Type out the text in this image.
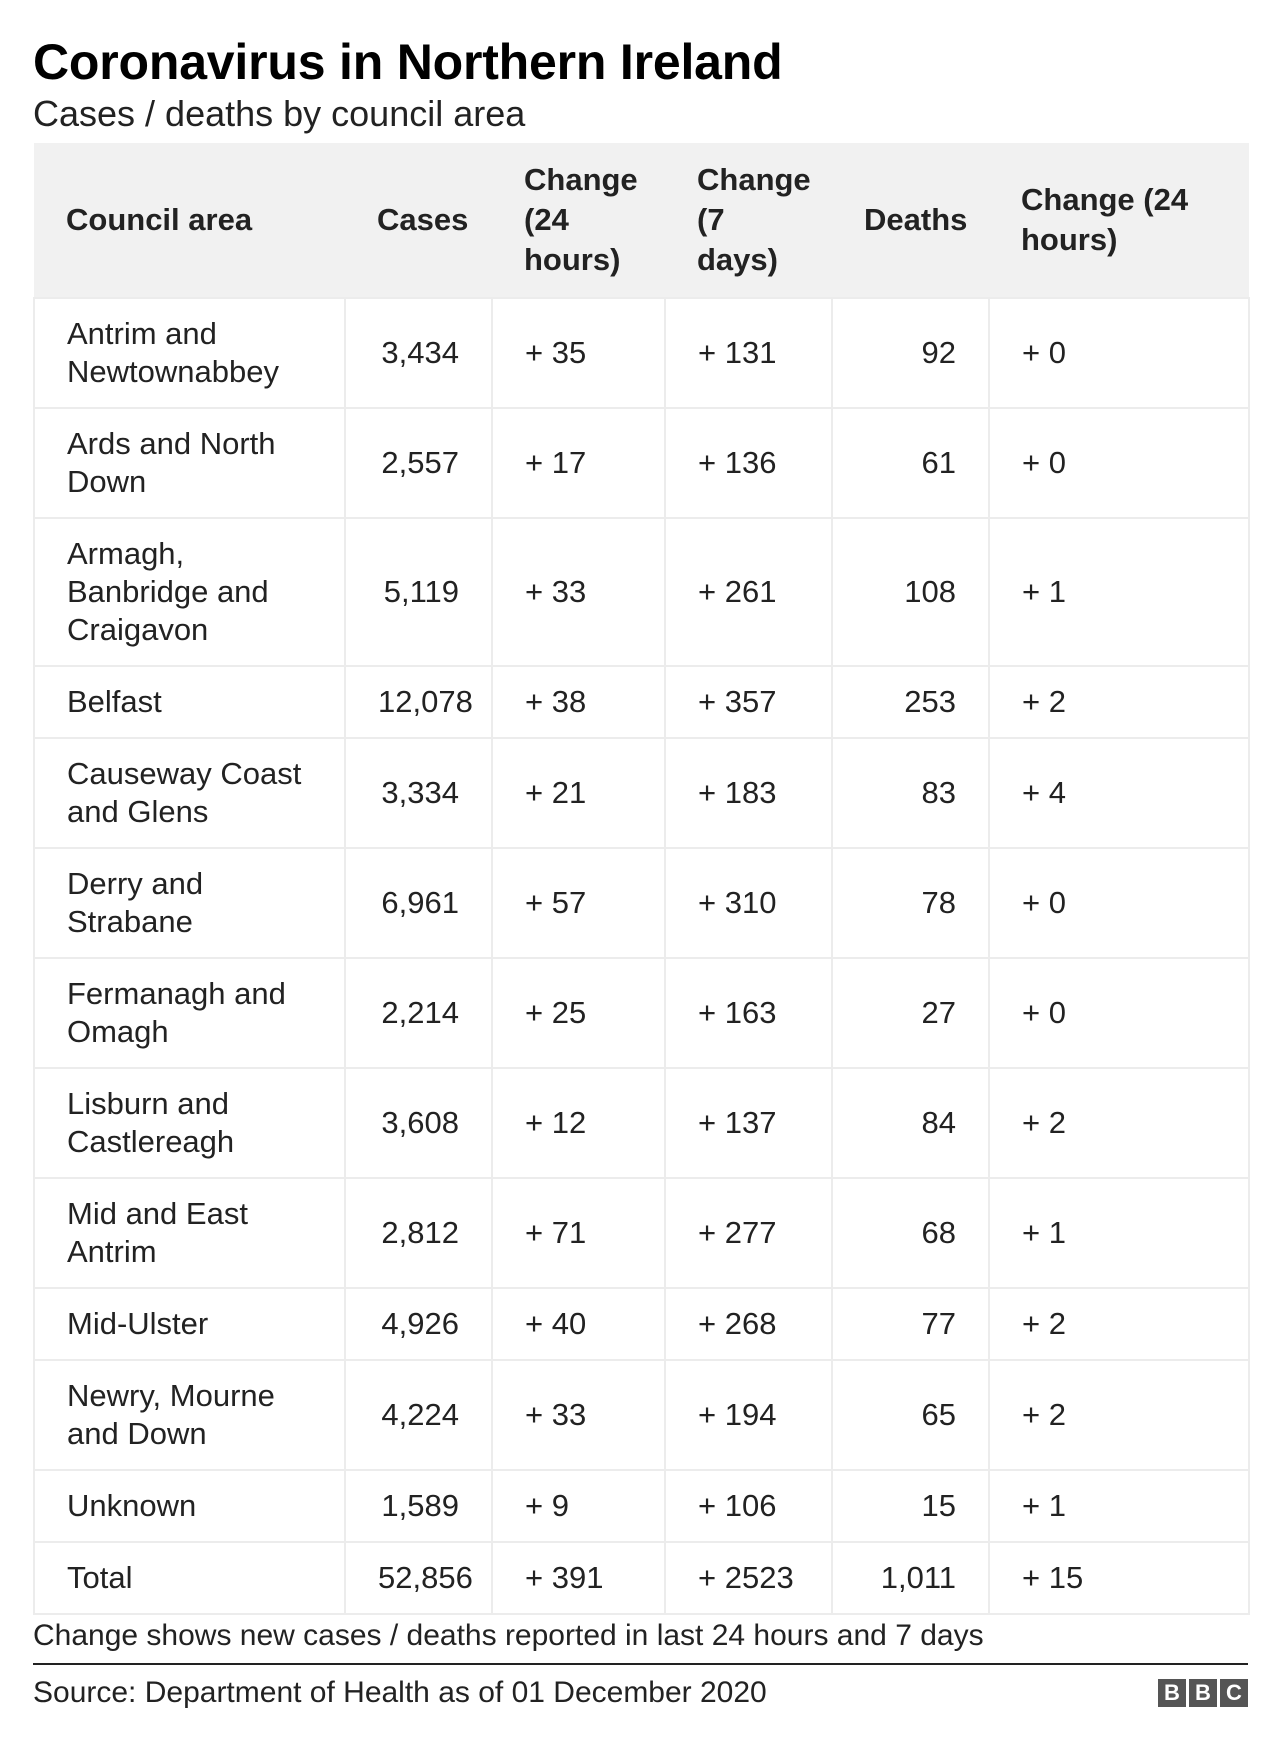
Coronavirus in Northern Ireland
Cases / deaths by council area
Council area	Cases	Change (24 hours)	Change (7 days)	Deaths	Change (24 hours)
Antrim and Newtownabbey	3,434	+ 35	+ 131	92	+ 0
Ards and North Down	2,557	+ 17	+ 136	61	+ 0
Armagh, Banbridge and Craigavon	5,119	+ 33	+ 261	108	+ 1
Belfast	12,078	+ 38	+ 357	253	+ 2
Causeway Coast and Glens	3,334	+ 21	+ 183	83	+ 4
Derry and Strabane	6,961	+ 57	+ 310	78	+ 0
Fermanagh and Omagh	2,214	+ 25	+ 163	27	+ 0
Lisburn and Castlereagh	3,608	+ 12	+ 137	84	+ 2
Mid and East Antrim	2,812	+ 71	+ 277	68	+ 1
Mid-Ulster	4,926	+ 40	+ 268	77	+ 2
Newry, Mourne and Down	4,224	+ 33	+ 194	65	+ 2
Unknown	1,589	+ 9	+ 106	15	+ 1
Total	52,856	+ 391	+ 2523	1,011	+ 15
Change shows new cases / deaths reported in last 24 hours and 7 days
Source: Department of Health as of 01 December 2020	B B C
